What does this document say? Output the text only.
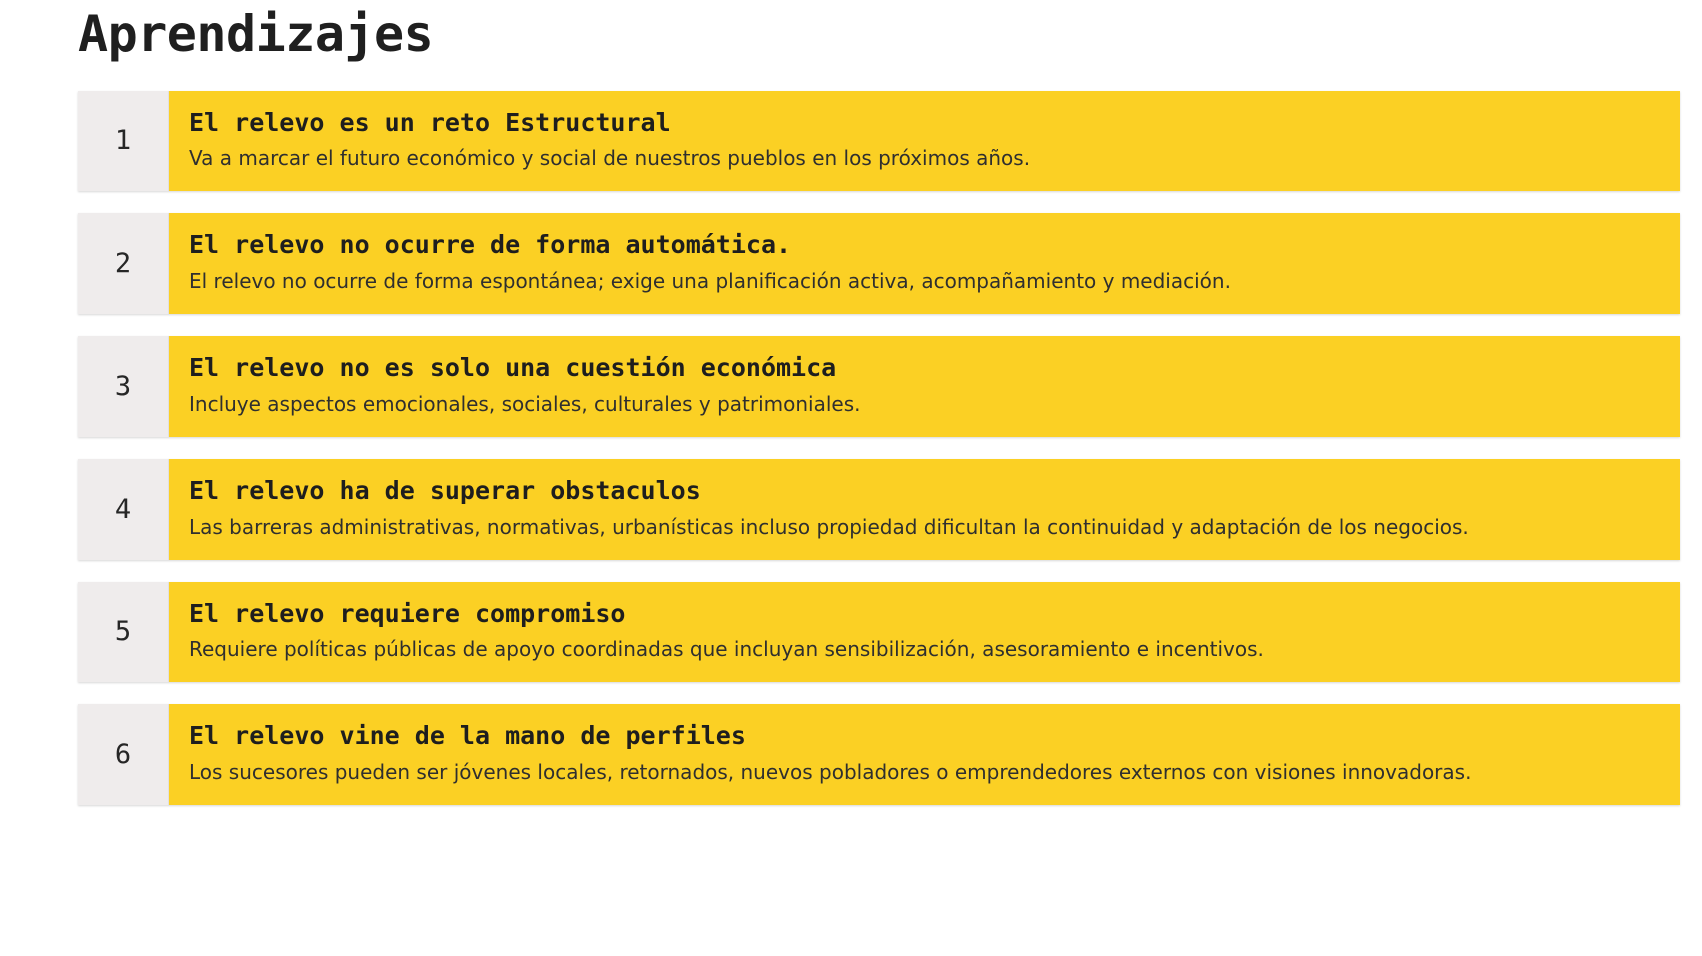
Aprendizajes
1

El relevo es un reto Estructural

Va a marcar el futuro económico y social de nuestros pueblos en los próximos años.

2

El relevo no ocurre de forma automática.

El relevo no ocurre de forma espontánea; exige una planificación activa, acompañamiento y mediación.

3

El relevo no es solo una cuestión económica

Incluye aspectos emocionales, sociales, culturales y patrimoniales.

4

El relevo ha de superar obstaculos

Las barreras administrativas, normativas, urbanísticas incluso propiedad dificultan la continuidad y adaptación de los negocios.

5

El relevo requiere compromiso

Requiere políticas públicas de apoyo coordinadas que incluyan sensibilización, asesoramiento e incentivos.

6

El relevo vine de la mano de perfiles

Los sucesores pueden ser jóvenes locales, retornados, nuevos pobladores o emprendedores externos con visiones innovadoras.
